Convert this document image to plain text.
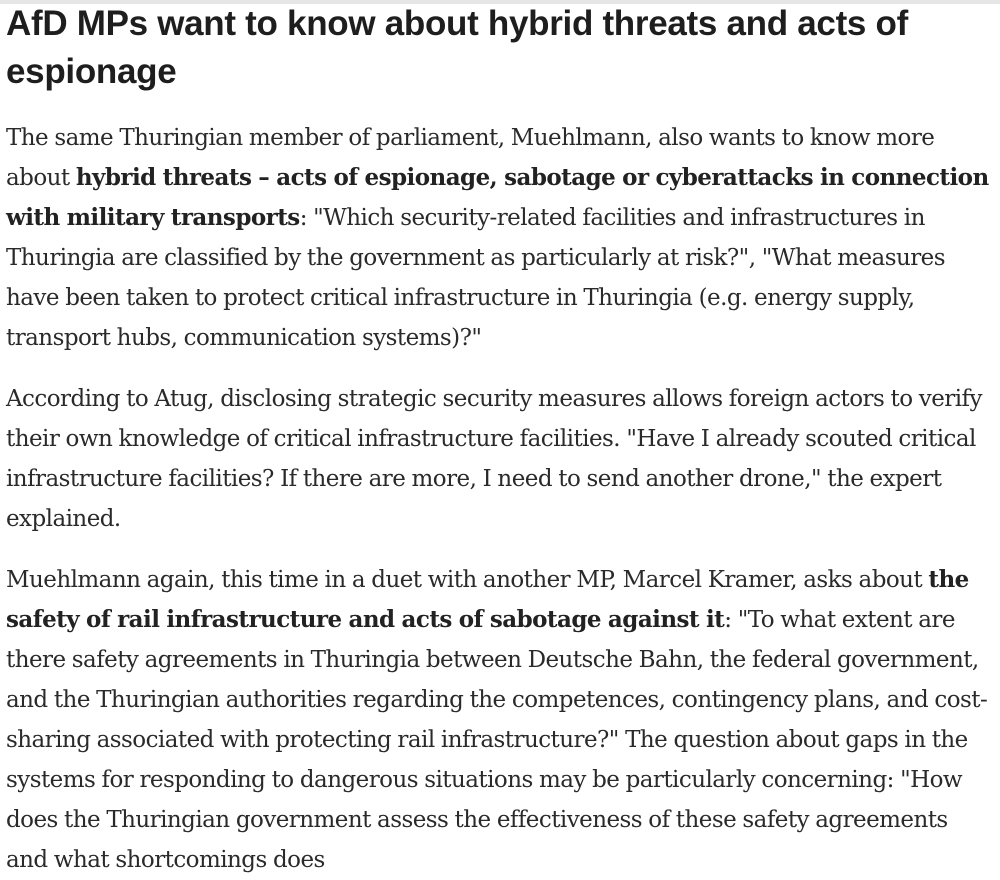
AfD MPs want to know about hybrid threats and acts of espionage

The same Thuringian member of parliament, Muehlmann, also wants to know more about hybrid threats – acts of espionage, sabotage or cyberattacks in connection with military transports: "Which security-related facilities and infrastructures in Thuringia are classified by the government as particularly at risk?", "What measures have been taken to protect critical infrastructure in Thuringia (e.g. energy supply, transport hubs, communication systems)?"

According to Atug, disclosing strategic security measures allows foreign actors to verify their own knowledge of critical infrastructure facilities. "Have I already scouted critical infrastructure facilities? If there are more, I need to send another drone," the expert explained.

Muehlmann again, this time in a duet with another MP, Marcel Kramer, asks about the safety of rail infrastructure and acts of sabotage against it: "To what extent are there safety agreements in Thuringia between Deutsche Bahn, the federal government, and the Thuringian authorities regarding the competences, contingency plans, and cost-sharing associated with protecting rail infrastructure?" The question about gaps in the systems for responding to dangerous situations may be particularly concerning: "How does the Thuringian government assess the effectiveness of these safety agreements and what shortcomings does
